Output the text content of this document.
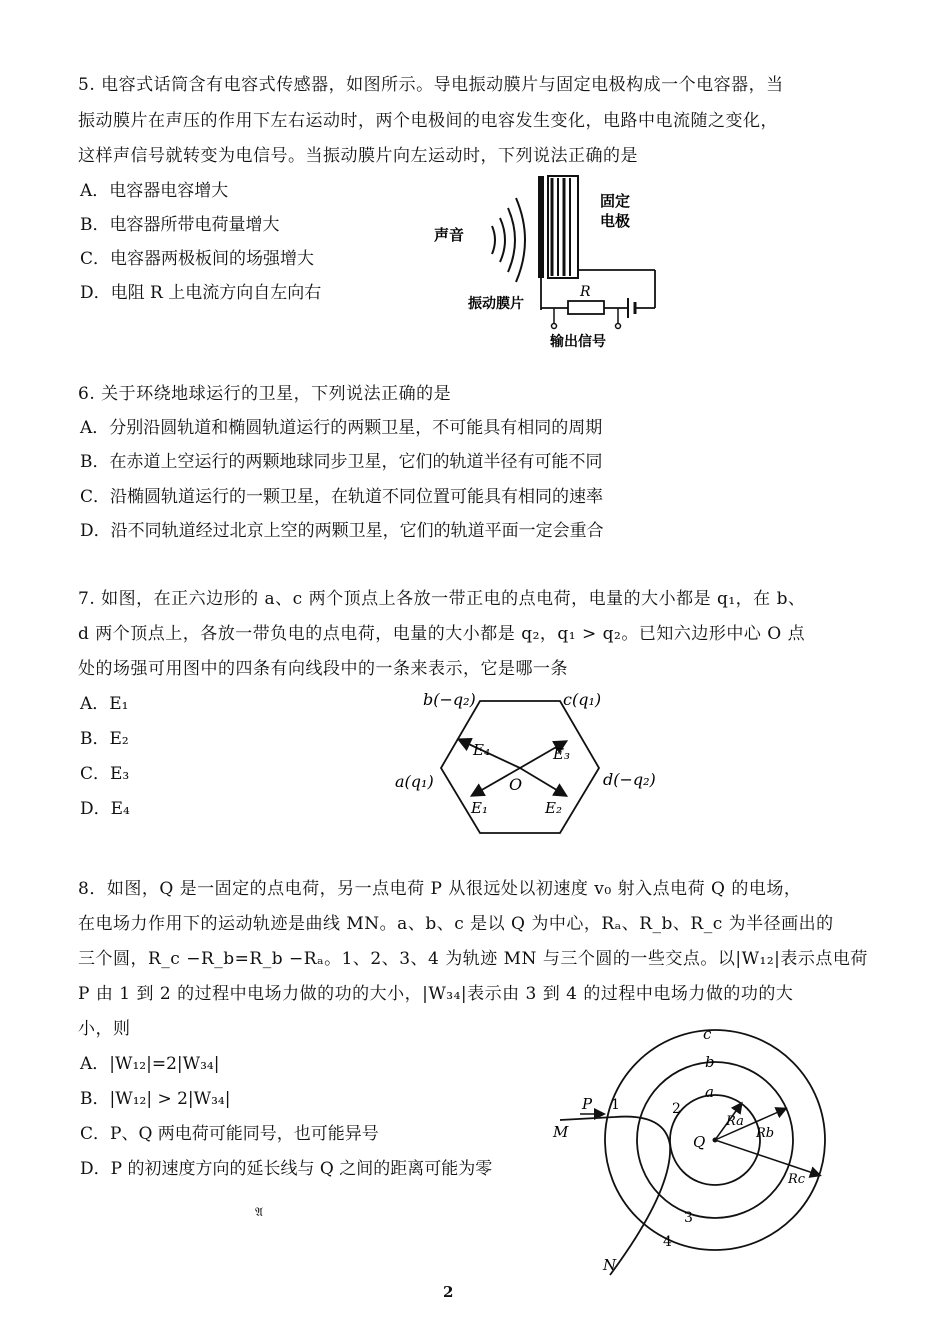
5. 电容式话筒含有电容式传感器，如图所示。导电振动膜片与固定电极构成一个电容器，当
振动膜片在声压的作用下左右运动时，两个电极间的电容发生变化，电路中电流随之变化，
这样声信号就转变为电信号。当振动膜片向左运动时，下列说法正确的是
A．电容器电容增大
B．电容器所带电荷量增大
C．电容器两极板间的场强增大
D．电阻 R 上电流方向自左向右
声音
固定
电极
振动膜片
R
输出信号
6. 关于环绕地球运行的卫星，下列说法正确的是
A．分别沿圆轨道和椭圆轨道运行的两颗卫星，不可能具有相同的周期
B．在赤道上空运行的两颗地球同步卫星，它们的轨道半径有可能不同
C．沿椭圆轨道运行的一颗卫星，在轨道不同位置可能具有相同的速率
D．沿不同轨道经过北京上空的两颗卫星，它们的轨道平面一定会重合
7. 如图，在正六边形的 a、c 两个顶点上各放一带正电的点电荷，电量的大小都是 q₁，在 b、
d 两个顶点上，各放一带负电的点电荷，电量的大小都是 q₂，q₁ > q₂。已知六边形中心 O 点
处的场强可用图中的四条有向线段中的一条来表示，它是哪一条
A．E₁
B．E₂
C．E₃
D．E₄
b(−q₂)	c(q₁)
a(q₁)	d(−q₂)
O
E₄	E₃
E₁	E₂
8．如图，Q 是一固定的点电荷，另一点电荷 P 从很远处以初速度 v₀ 射入点电荷 Q 的电场，
在电场力作用下的运动轨迹是曲线 MN。a、b、c 是以 Q 为中心，Rₐ、R_b、R_c 为半径画出的
三个圆，R_c −R_b=R_b −Rₐ。1、2、3、4 为轨迹 MN 与三个圆的一些交点。以|W₁₂|表示点电荷
P 由 1 到 2 的过程中电场力做的功的大小，|W₃₄|表示由 3 到 4 的过程中电场力做的功的大
小，则
A．|W₁₂|=2|W₃₄|
B．|W₁₂| > 2|W₃₄|
C．P、Q 两电荷可能同号，也可能异号
D．P 的初速度方向的延长线与 Q 之间的距离可能为零
c
b
a
P
M
N
Q
Ra
Rb
Rc
1	2
3
4
𝔄
2
